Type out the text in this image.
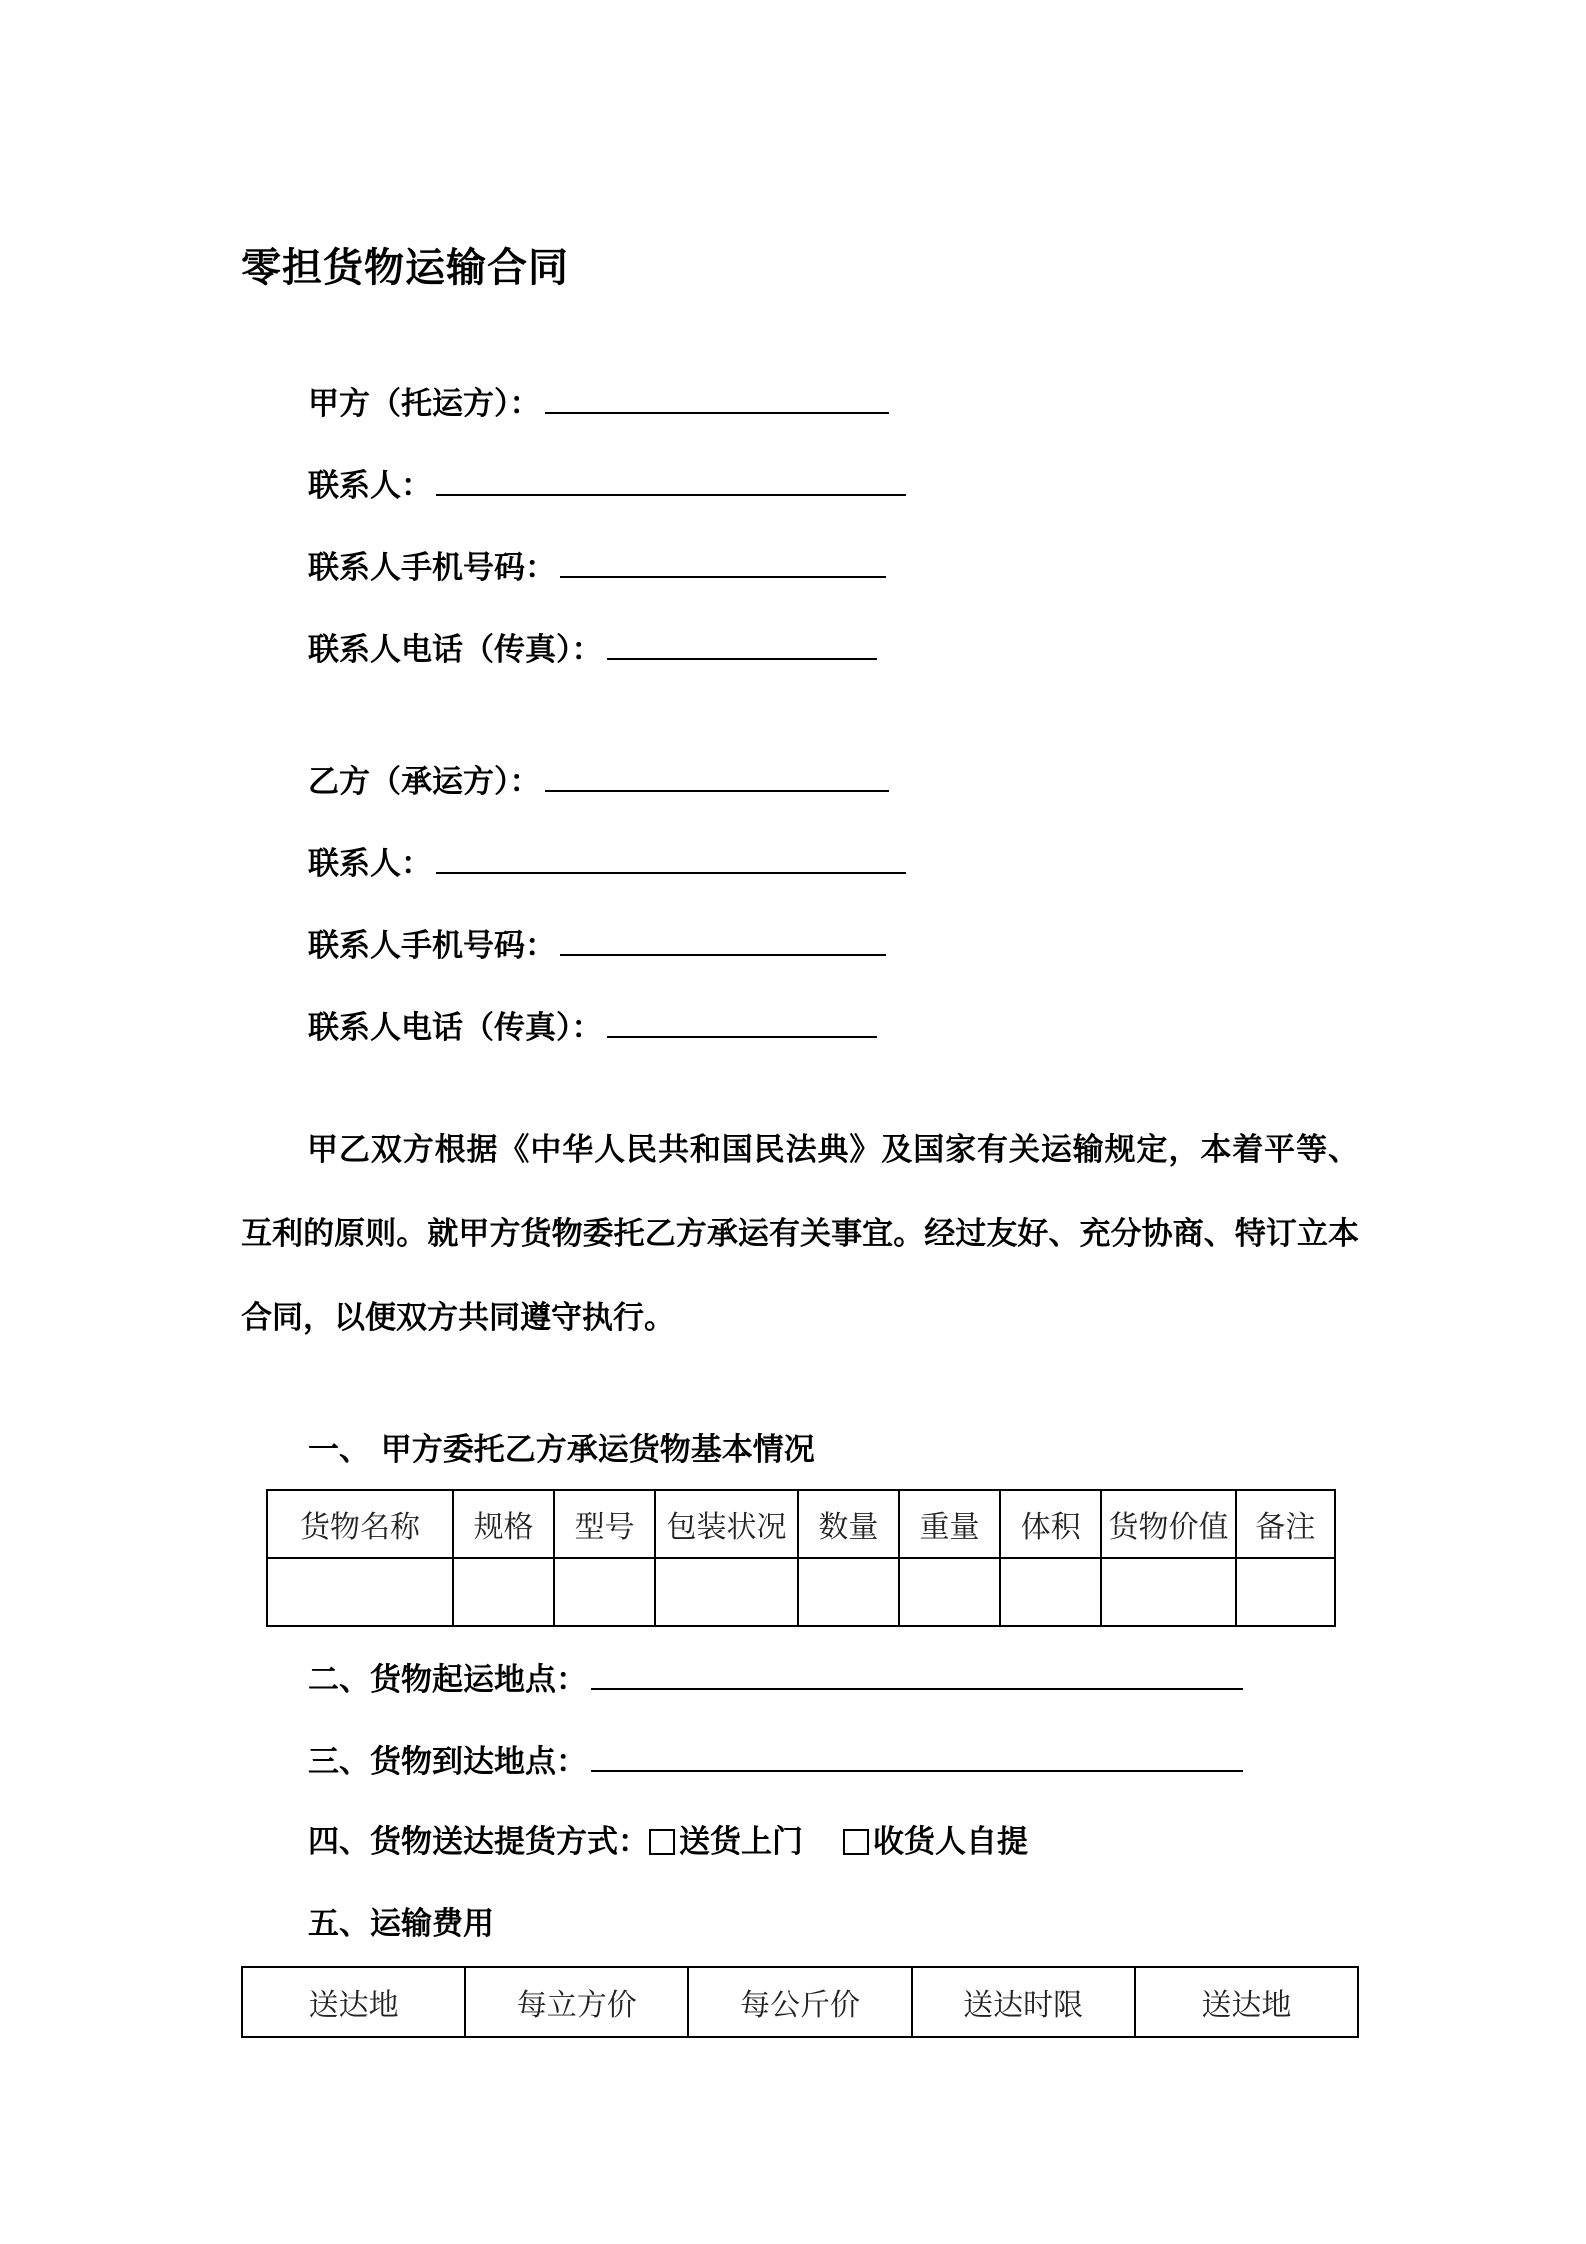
零担货物运输合同
甲方（托运方）：
联系人：
联系人手机号码：
联系人电话（传真）：
乙方（承运方）：
联系人：
联系人手机号码：
联系人电话（传真）：
甲乙双方根据《中华人民共和国民法典》及国家有关运输规定，本着平等、互利的原则。就甲方货物委托乙方承运有关事宜。经过友好、充分协商、特订立本合同，以便双方共同遵守执行。
一、 甲方委托乙方承运货物基本情况
货物名称	规格	型号	包装状况	数量	重量	体积	货物价值	备注

二、货物起运地点：
三、货物到达地点：
四、货物送达提货方式： 送货上门 收货人自提
五、运输费用
送达地	每立方价	每公斤价	送达时限	送达地
